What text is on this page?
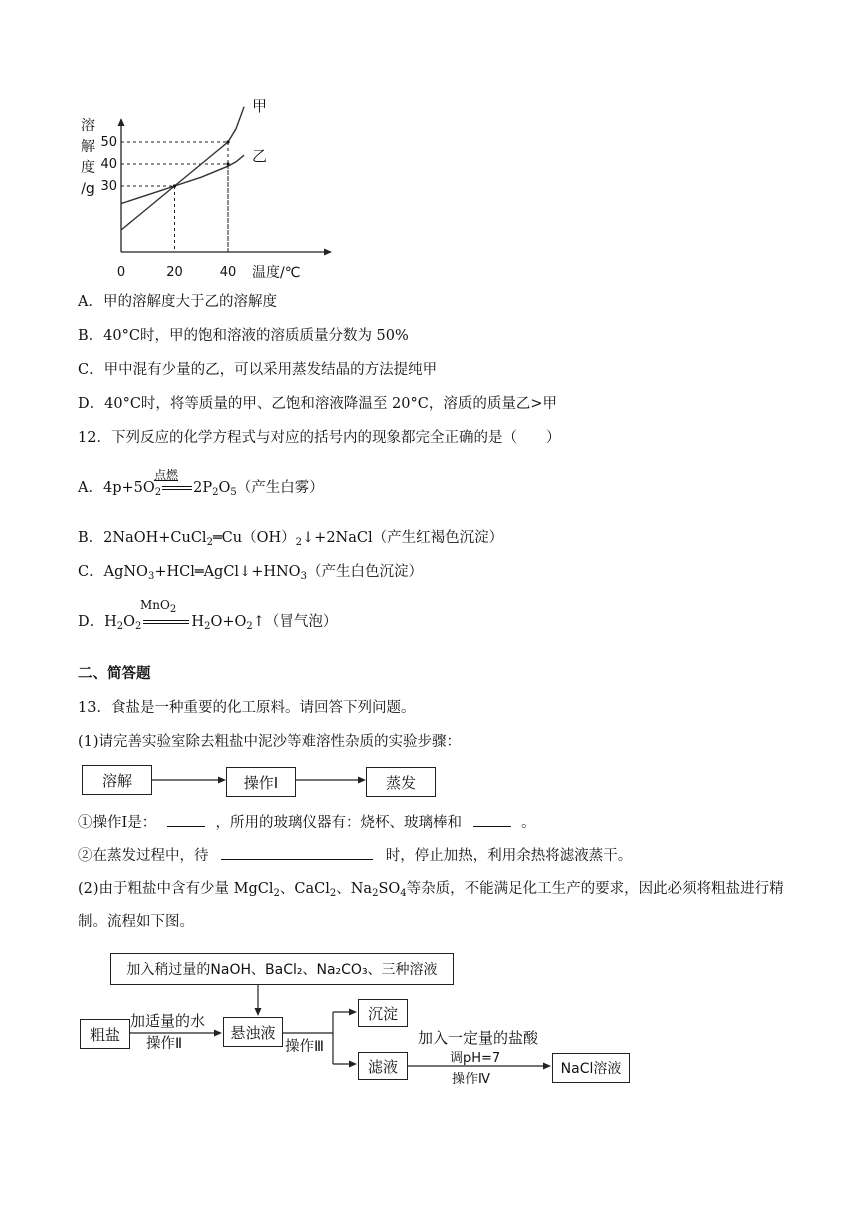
甲
乙
0	20	40
30
40
50
温度/℃
溶
解
度
/g
A．甲的溶解度大于乙的溶解度
B．40°C时，甲的饱和溶液的溶质质量分数为 50%
C．甲中混有少量的乙，可以采用蒸发结晶的方法提纯甲
D．40°C时，将等质量的甲、乙饱和溶液降温至 20°C，溶质的质量乙>甲
12．下列反应的化学方程式与对应的括号内的现象都完全正确的是（　　）
点燃
A．$4p+5O_2$ $2P_2O_5$（产生白雾）
B．$2NaOH+CuCl_2═Cu(OH)_2↓+2NaCl$（产生红褐色沉淀）
C．$AgNO_3+HCl═AgCl↓+HNO_3$（产生白色沉淀）
MnO$_2$
D．$H_2O_2$	$H_2O+O_2↑$（冒气泡）
二、简答题
13．食盐是一种重要的化工原料。请回答下列问题。
(1)请完善实验室除去粗盐中泥沙等难溶性杂质的实验步骤：
溶解	操作I	蒸发
①操作I是：	，所用的玻璃仪器有：烧杯、玻璃棒和	。
②在蒸发过程中，待	时，停止加热，利用余热将滤液蒸干。
(2)由于粗盐中含有少量 MgCl$_2$、CaCl$_2$、$Na_2SO_4$等杂质，不能满足化工生产的要求，因此必须将粗盐进行精
制。流程如下图。
加入稍过量的NaOH、BaCl₂、Na₂CO₃、三种溶液
粗盐	悬浊液
沉淀
滤液	NaCl溶液
加适量的水
操作Ⅱ	操作Ⅲ	加入一定量的盐酸
调pH=7
操作Ⅳ
